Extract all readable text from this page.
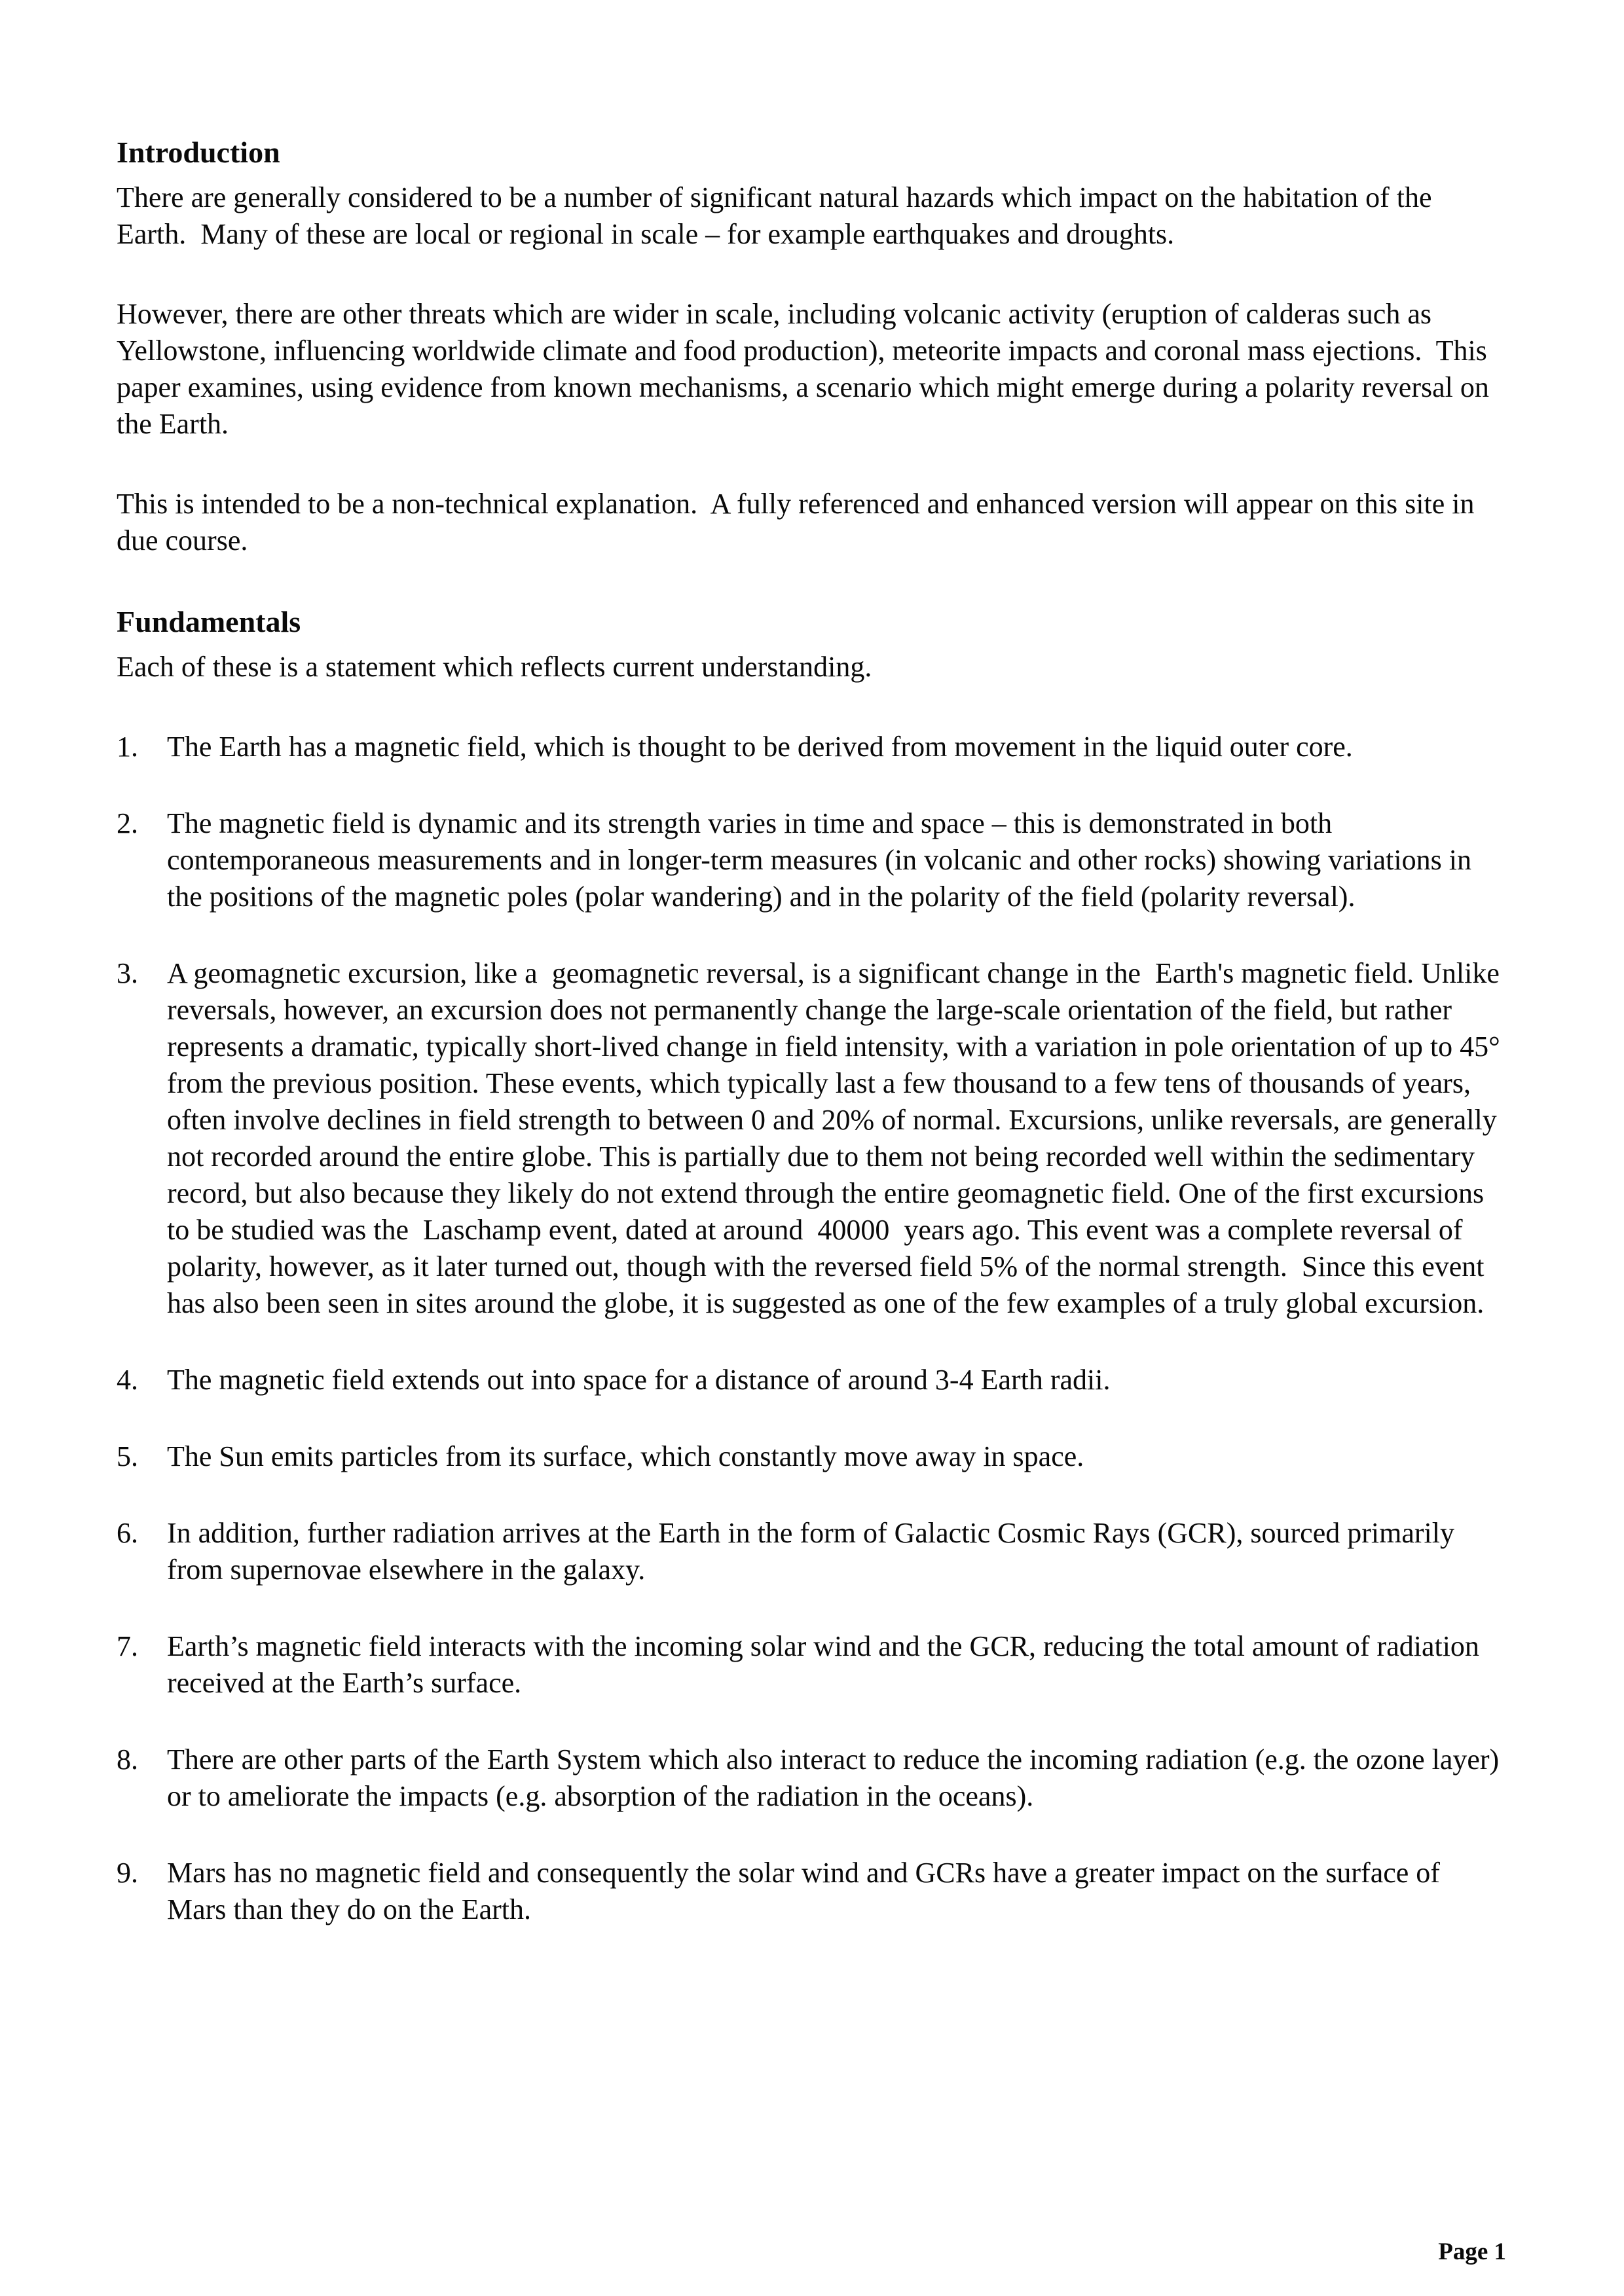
Introduction

There are generally considered to be a number of significant natural hazards which impact on the habitation of the Earth.  Many of these are local or regional in scale – for example earthquakes and droughts.

However, there are other threats which are wider in scale, including volcanic activity (eruption of calderas such as Yellowstone, influencing worldwide climate and food production), meteorite impacts and coronal mass ejections.  This paper examines, using evidence from known mechanisms, a scenario which might emerge during a polarity reversal on the Earth.

This is intended to be a non-technical explanation.  A fully referenced and enhanced version will appear on this site in due course.

Fundamentals

Each of these is a statement which reflects current understanding.

1.	The Earth has a magnetic field, which is thought to be derived from movement in the liquid outer core.
2.	The magnetic field is dynamic and its strength varies in time and space – this is demonstrated in both contemporaneous measurements and in longer-term measures (in volcanic and other rocks) showing variations in the positions of the magnetic poles (polar wandering) and in the polarity of the field (polarity reversal).
3.	A geomagnetic excursion, like a  geomagnetic reversal, is a significant change in the  Earth's magnetic field. Unlike reversals, however, an excursion does not permanently change the large-scale orientation of the field, but rather represents a dramatic, typically short-lived change in field intensity, with a variation in pole orientation of up to 45° from the previous position. These events, which typically last a few thousand to a few tens of thousands of years, often involve declines in field strength to between 0 and 20% of normal. Excursions, unlike reversals, are generally not recorded around the entire globe. This is partially due to them not being recorded well within the sedimentary record, but also because they likely do not extend through the entire geomagnetic field. One of the first excursions to be studied was the  Laschamp event, dated at around  40000  years ago. This event was a complete reversal of polarity, however, as it later turned out, though with the reversed field 5% of the normal strength.  Since this event has also been seen in sites around the globe, it is suggested as one of the few examples of a truly global excursion.
4.	The magnetic field extends out into space for a distance of around 3-4 Earth radii.
5.	The Sun emits particles from its surface, which constantly move away in space.
6.	In addition, further radiation arrives at the Earth in the form of Galactic Cosmic Rays (GCR), sourced primarily from supernovae elsewhere in the galaxy.
7.	Earth’s magnetic field interacts with the incoming solar wind and the GCR, reducing the total amount of radiation received at the Earth’s surface.
8.	There are other parts of the Earth System which also interact to reduce the incoming radiation (e.g. the ozone layer) or to ameliorate the impacts (e.g. absorption of the radiation in the oceans).
9.	Mars has no magnetic field and consequently the solar wind and GCRs have a greater impact on the surface of Mars than they do on the Earth.
Page 1
